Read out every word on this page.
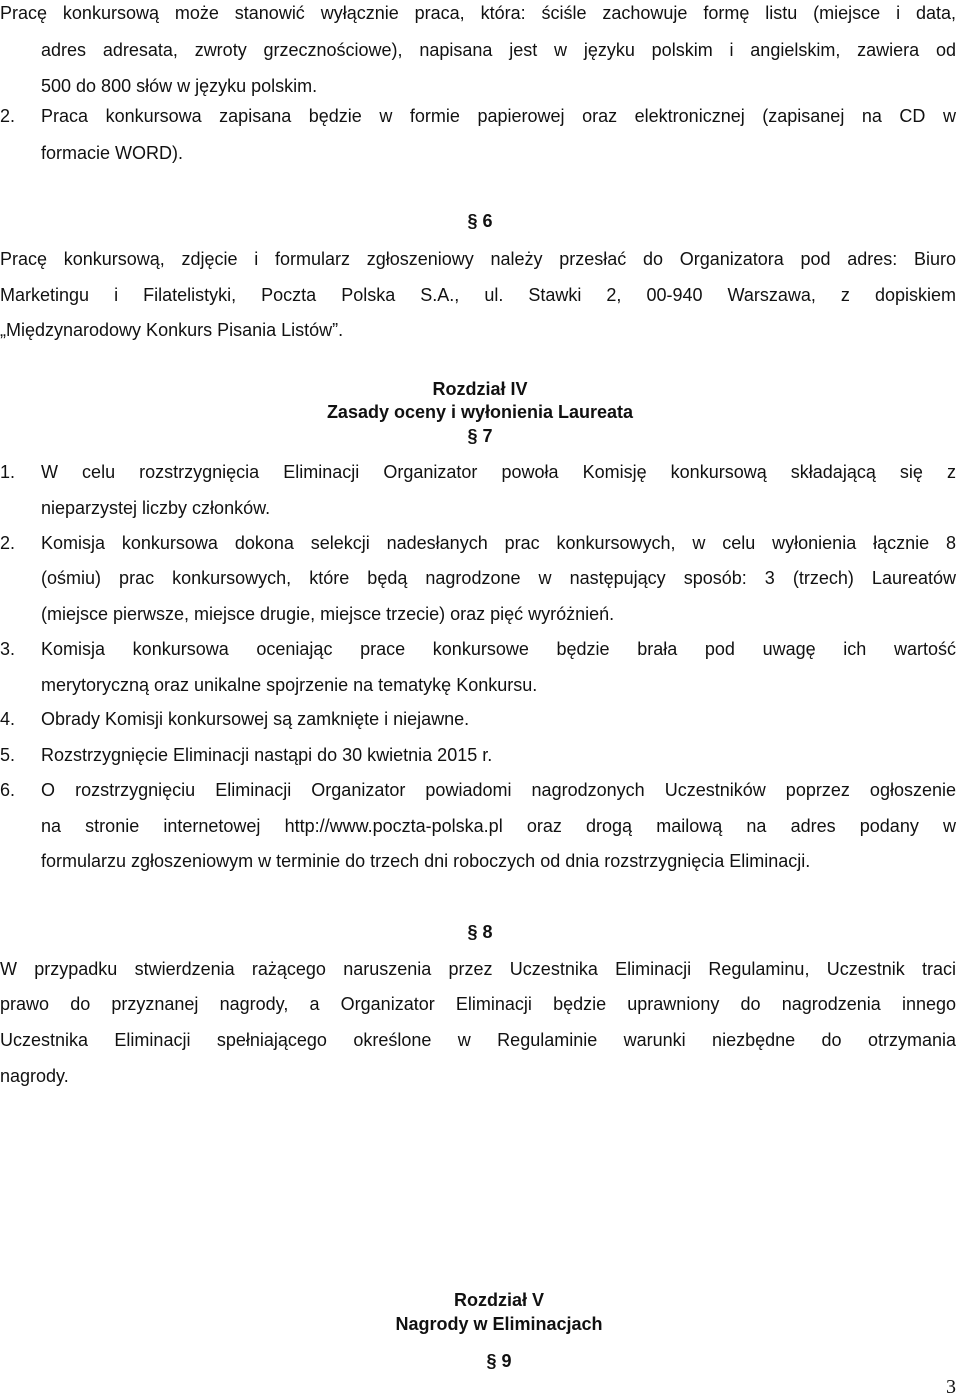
Pracę konkursową może stanowić wyłącznie praca, która: ściśle zachowuje formę listu (miejsce i data,
adres adresata, zwroty grzecznościowe), napisana jest w języku polskim i angielskim, zawiera od
500 do 800 słów w języku polskim.
2. Praca konkursowa zapisana będzie w formie papierowej oraz elektronicznej (zapisanej na CD w
formacie WORD).
§ 6
Pracę konkursową, zdjęcie i formularz zgłoszeniowy należy przesłać do Organizatora pod adres: Biuro
Marketingu i Filatelistyki, Poczta Polska S.A., ul. Stawki 2, 00-940 Warszawa, z dopiskiem
„Międzynarodowy Konkurs Pisania Listów”.
Rozdział IV
Zasady oceny i wyłonienia Laureata
§ 7
1. W celu rozstrzygnięcia Eliminacji Organizator powoła Komisję konkursową składającą się z
nieparzystej liczby członków.
2. Komisja konkursowa dokona selekcji nadesłanych prac konkursowych, w celu wyłonienia łącznie 8
(ośmiu) prac konkursowych, które będą nagrodzone w następujący sposób: 3 (trzech) Laureatów
(miejsce pierwsze, miejsce drugie, miejsce trzecie) oraz pięć wyróżnień.
3. Komisja konkursowa oceniając prace konkursowe będzie brała pod uwagę ich wartość
merytoryczną oraz unikalne spojrzenie na tematykę Konkursu.
4. Obrady Komisji konkursowej są zamknięte i niejawne.
5. Rozstrzygnięcie Eliminacji nastąpi do 30 kwietnia 2015 r.
6. O rozstrzygnięciu Eliminacji Organizator powiadomi nagrodzonych Uczestników poprzez ogłoszenie
na stronie internetowej http://www.poczta-polska.pl oraz drogą mailową na adres podany w
formularzu zgłoszeniowym w terminie do trzech dni roboczych od dnia rozstrzygnięcia Eliminacji.
§ 8
W przypadku stwierdzenia rażącego naruszenia przez Uczestnika Eliminacji Regulaminu, Uczestnik traci
prawo do przyznanej nagrody, a Organizator Eliminacji będzie uprawniony do nagrodzenia innego
Uczestnika Eliminacji spełniającego określone w Regulaminie warunki niezbędne do otrzymania
nagrody.
Rozdział V
Nagrody w Eliminacjach
§ 9
3
